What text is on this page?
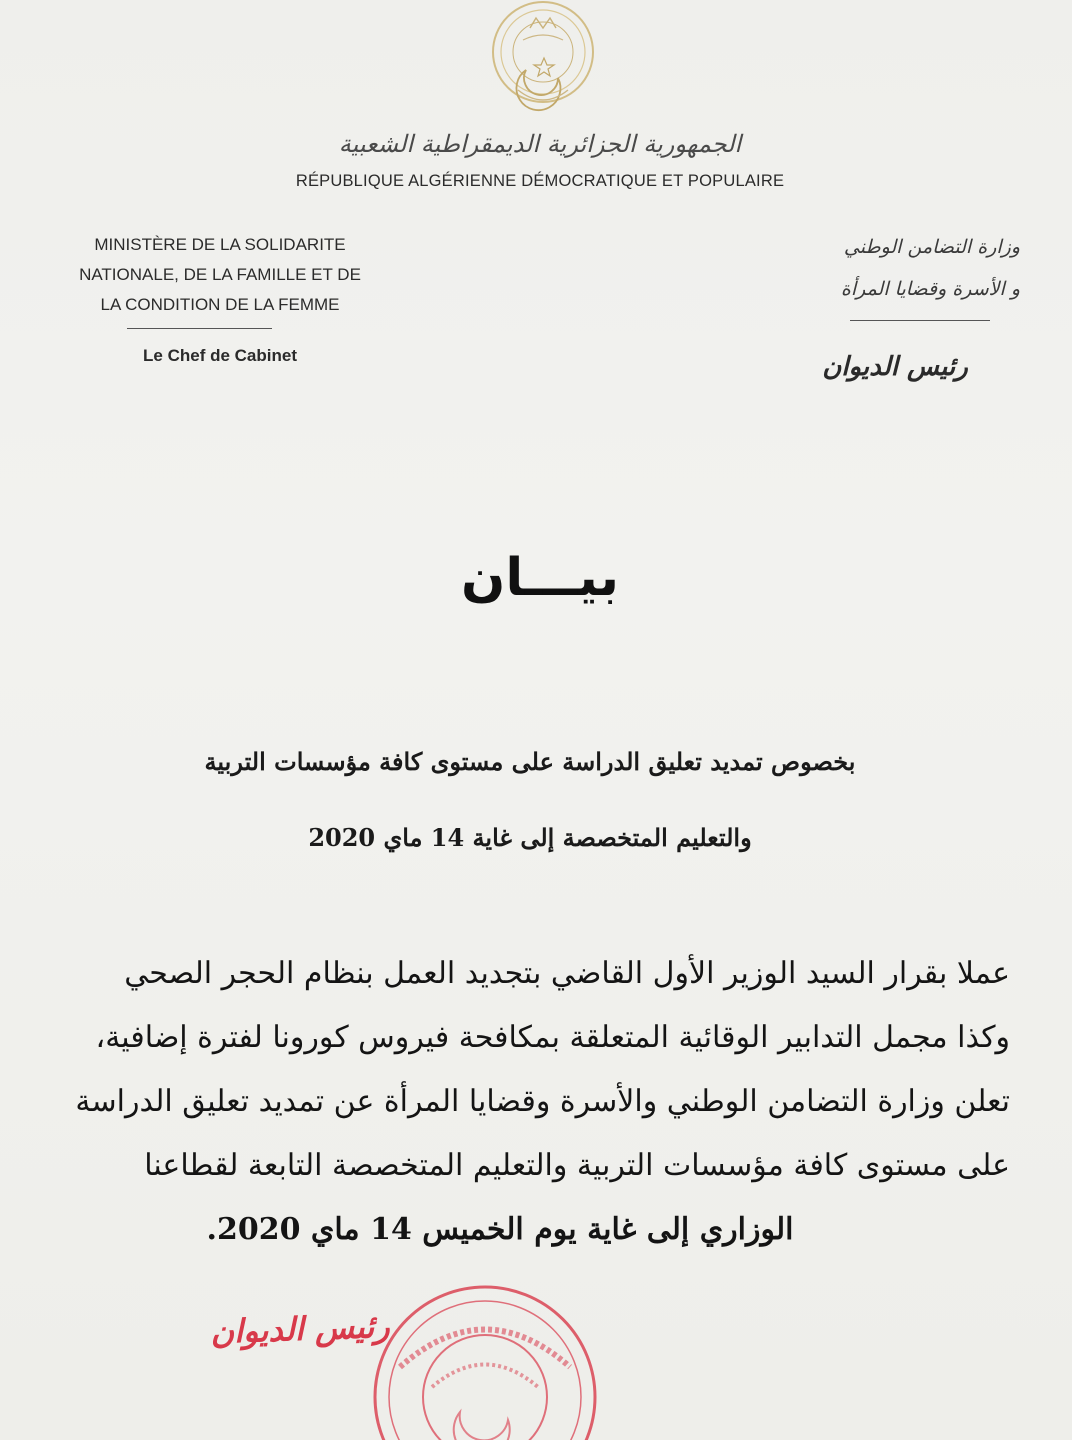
الجمهورية الجزائرية الديمقراطية الشعبية
RÉPUBLIQUE ALGÉRIENNE DÉMOCRATIQUE ET POPULAIRE
MINISTÈRE DE LA SOLIDARITE
NATIONALE, DE LA FAMILLE ET DE
LA CONDITION DE LA FEMME
Le Chef de Cabinet
وزارة التضامن الوطني
و الأسرة وقضايا المرأة
رئيس الديوان
بيـــان
بخصوص تمديد تعليق الدراسة على مستوى كافة مؤسسات التربية
والتعليم المتخصصة إلى غاية 14 ماي 2020
عملا بقرار السيد الوزير الأول القاضي بتجديد العمل بنظام الحجر الصحي
وكذا مجمل التدابير الوقائية المتعلقة بمكافحة فيروس كورونا لفترة إضافية،
تعلن وزارة التضامن الوطني والأسرة وقضايا المرأة عن تمديد تعليق الدراسة
على مستوى كافة مؤسسات التربية والتعليم المتخصصة التابعة لقطاعنا
الوزاري إلى غاية يوم الخميس 14 ماي 2020.
رئيس الديوان
